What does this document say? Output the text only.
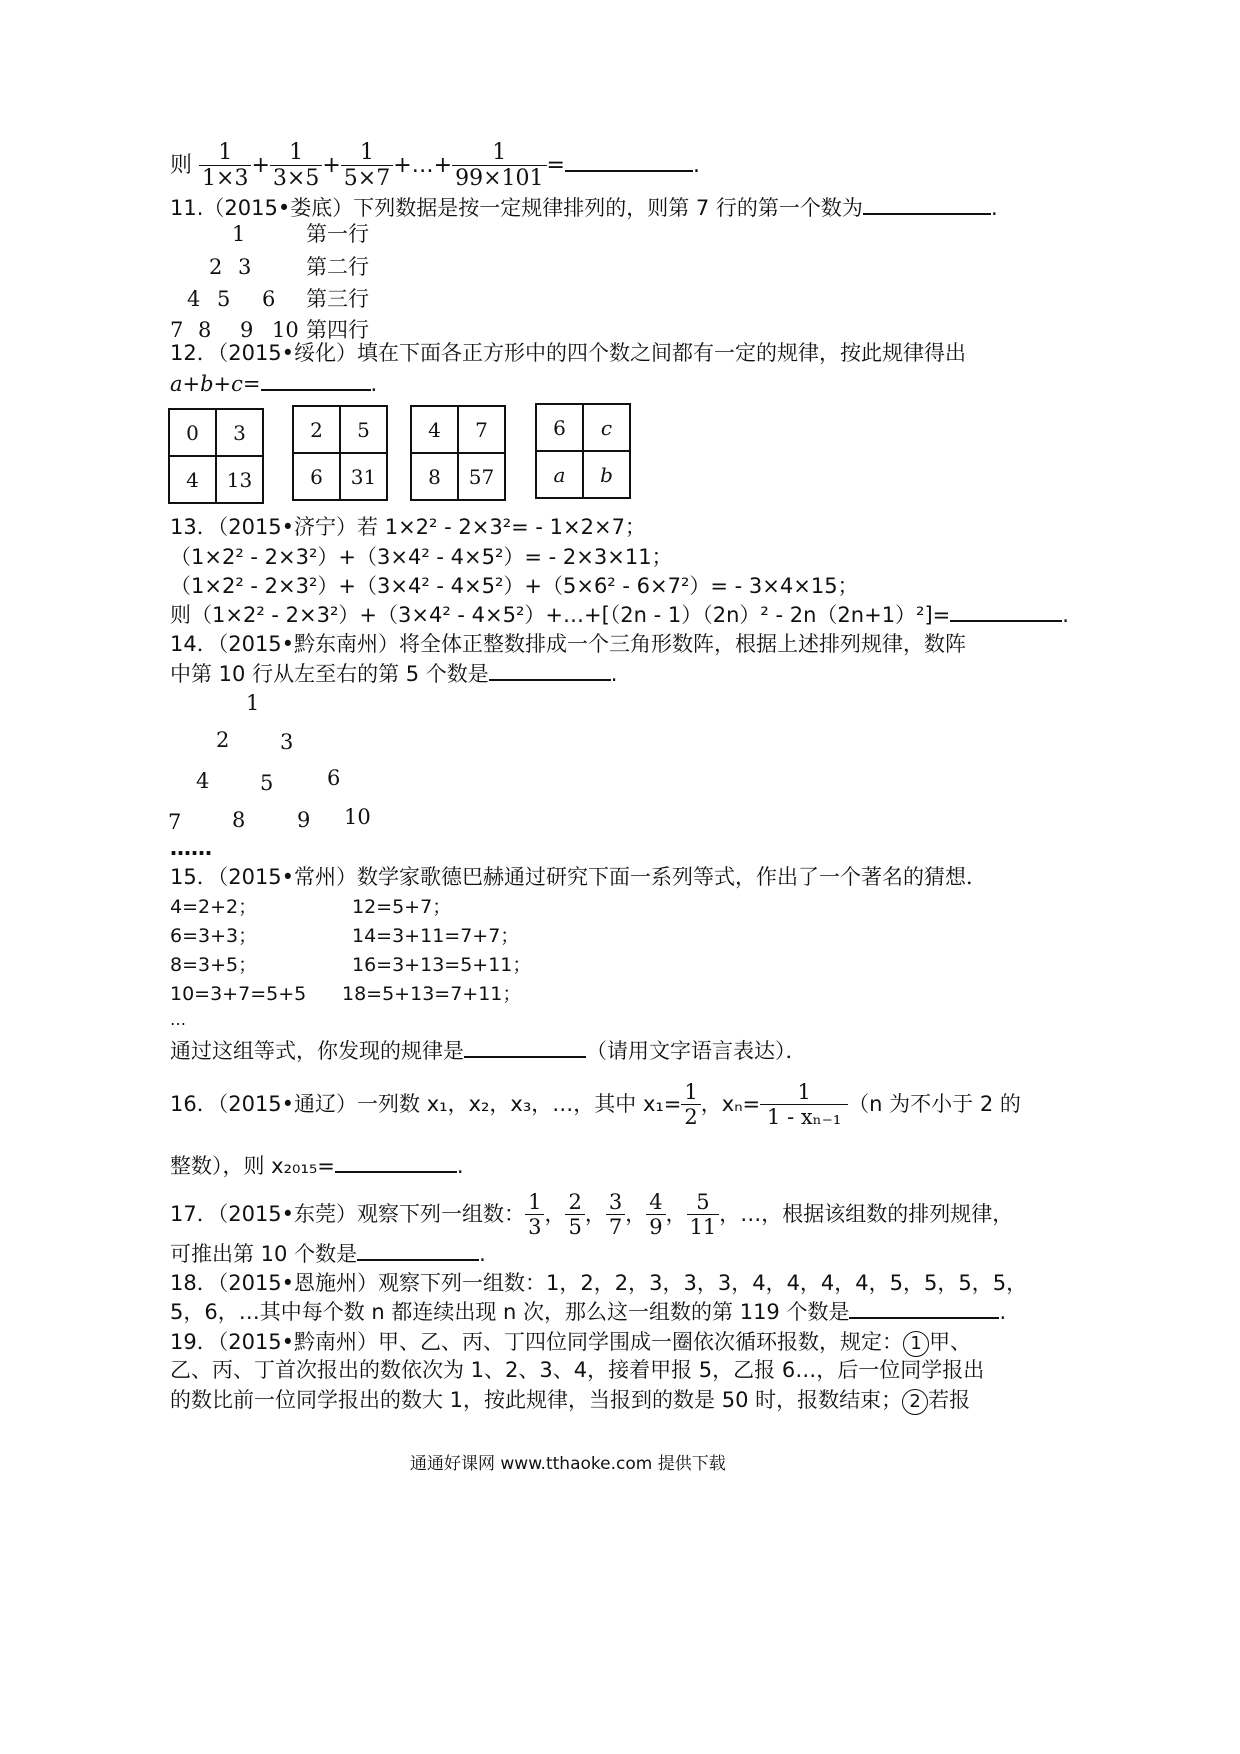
则 $\frac{1}{1\times 3} + \frac{1}{3\times 5} + \frac{1}{5\times 7}$ +…+ $\frac{1}{99\times 101}$ =	.
11.（2015•娄底）下列数据是按一定规律排列的，则第 7 行的第一个数为	.
1	第一行
2 3	第二行
4 5 6 第三行
7 8 9 10 第四行
12．（2015•绥化）填在下面各正方形中的四个数之间都有一定的规律，按此规律得出
a+b+c=	.
0	3
4	13
2	5
6	31
4	7
8	57
6	c
a	b
13．（2015•济宁）若 1×2² - 2×3²= - 1×2×7；
（1×2² - 2×3²）+（3×4² - 4×5²）= - 2×3×11；
（1×2² - 2×3²）+（3×4² - 4×5²）+（5×6² - 6×7²）= - 3×4×15；
则（1×2² - 2×3²）+（3×4² - 4×5²）+…+[（2n - 1）（2n）² - 2n（2n+1）²]=	.
14．（2015•黔东南州）将全体正整数排成一个三角形数阵，根据上述排列规律，数阵
中第 10 行从左至右的第 5 个数是	.
1
2 3
4 5	6
7 8 9 10
……
15．（2015•常州）数学家歌德巴赫通过研究下面一系列等式，作出了一个著名的猜想．
4=2+2；
6=3+3；
8=3+5；
10=3+7=5+5
12=5+7；
14=3+11=7+7；
16=3+13=5+11；
18=5+13=7+11；
…
通过这组等式，你发现的规律是	（请用文字语言表达）．
16．（2015•通辽）一列数 x₁，x₂，x₃，…，其中 $x_1= \frac{1}{2}$ ，$x_n= \frac{1}{\text{1 - xₙ₋₁}} (n$ 为不小于 2 的
整数），则 x₂₀₁₅=	.
17．（2015•东莞）观察下列一组数： $\frac{1}{3}$ ， $\frac{2}{5}$ ， $\frac{3}{7}$ ， $\frac{4}{9}$ ， $\frac{5}{11}$ ，…，根据该组数的排列规律，
可推出第 10 个数是	.
18．（2015•恩施州）观察下列一组数：1，2，2，3，3，3，4，4，4，4，5，5，5，5，
5，6，…其中每个数 n 都连续出现 n 次，那么这一组数的第 119 个数是	.
19．（2015•黔南州）甲、乙、丙、丁四位同学围成一圈依次循环报数，规定： 1 甲、
乙、丙、丁首次报出的数依次为 1、2、3、4，接着甲报 5，乙报 6…，后一位同学报出
的数比前一位同学报出的数大 1，按此规律，当报到的数是 50 时，报数结束； 2 若报
通通好课网 www.tthaoke.com 提供下载
